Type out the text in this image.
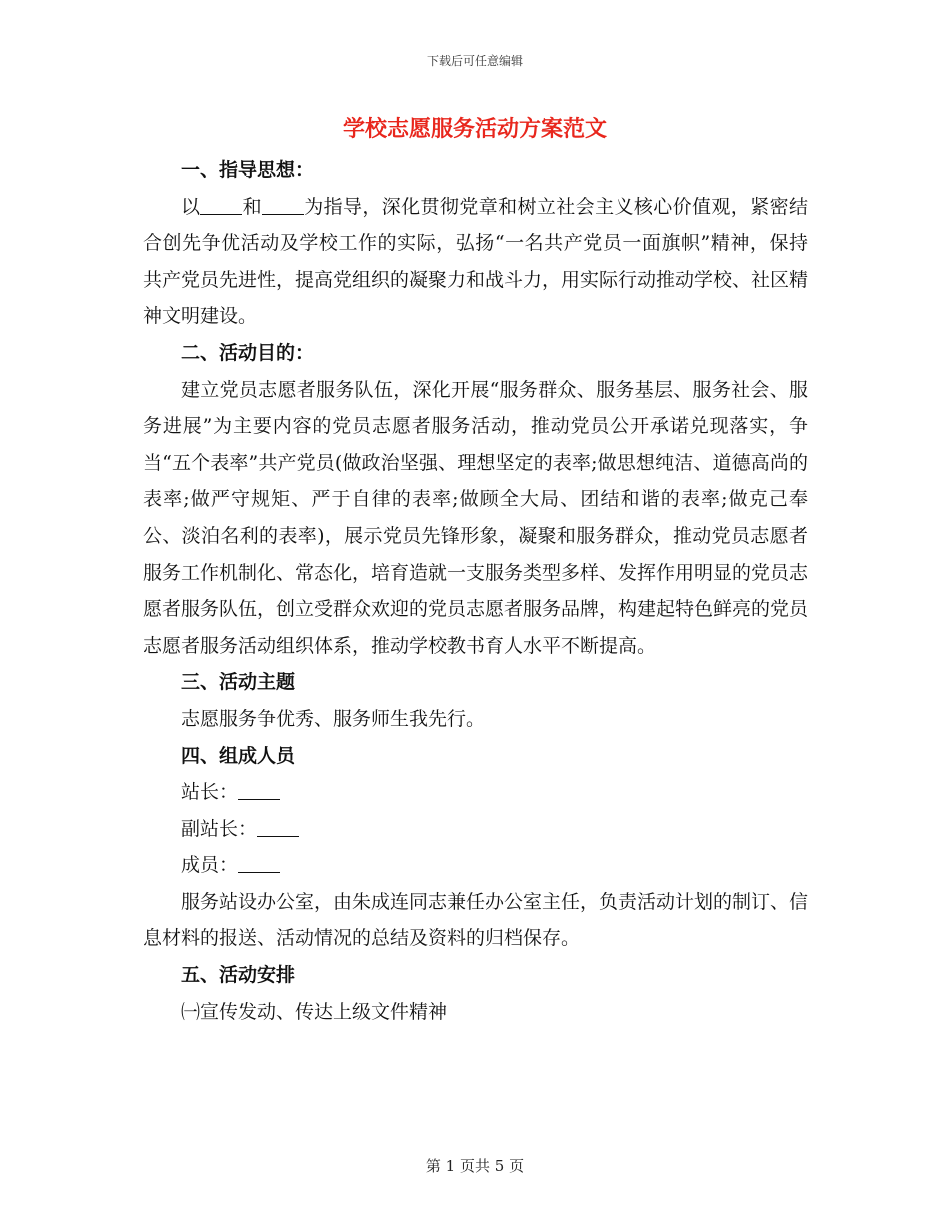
下载后可任意编辑
学校志愿服务活动方案范文

一、指导思想：

以 和 为指导，深化贯彻党章和树立社会主义核心价值观，紧密结合创先争优活动及学校工作的实际，弘扬“一名共产党员一面旗帜”精神，保持共产党员先进性，提高党组织的凝聚力和战斗力，用实际行动推动学校、社区精神文明建设。

二、活动目的：

建立党员志愿者服务队伍，深化开展“服务群众、服务基层、服务社会、服务进展”为主要内容的党员志愿者服务活动，推动党员公开承诺兑现落实，争当“五个表率”共产党员(做政治坚强、理想坚定的表率;做思想纯洁、道德高尚的表率;做严守规矩、严于自律的表率;做顾全大局、团结和谐的表率;做克己奉公、淡泊名利的表率)，展示党员先锋形象，凝聚和服务群众，推动党员志愿者服务工作机制化、常态化，培育造就一支服务类型多样、发挥作用明显的党员志愿者服务队伍，创立受群众欢迎的党员志愿者服务品牌，构建起特色鲜亮的党员志愿者服务活动组织体系，推动学校教书育人水平不断提高。

三、活动主题

志愿服务争优秀、服务师生我先行。

四、组成人员

站长：

副站长：

成员：

服务站设办公室，由朱成连同志兼任办公室主任，负责活动计划的制订、信息材料的报送、活动情况的总结及资料的归档保存。

五、活动安排

㈠宣传发动、传达上级文件精神

第 1 页共 5 页
